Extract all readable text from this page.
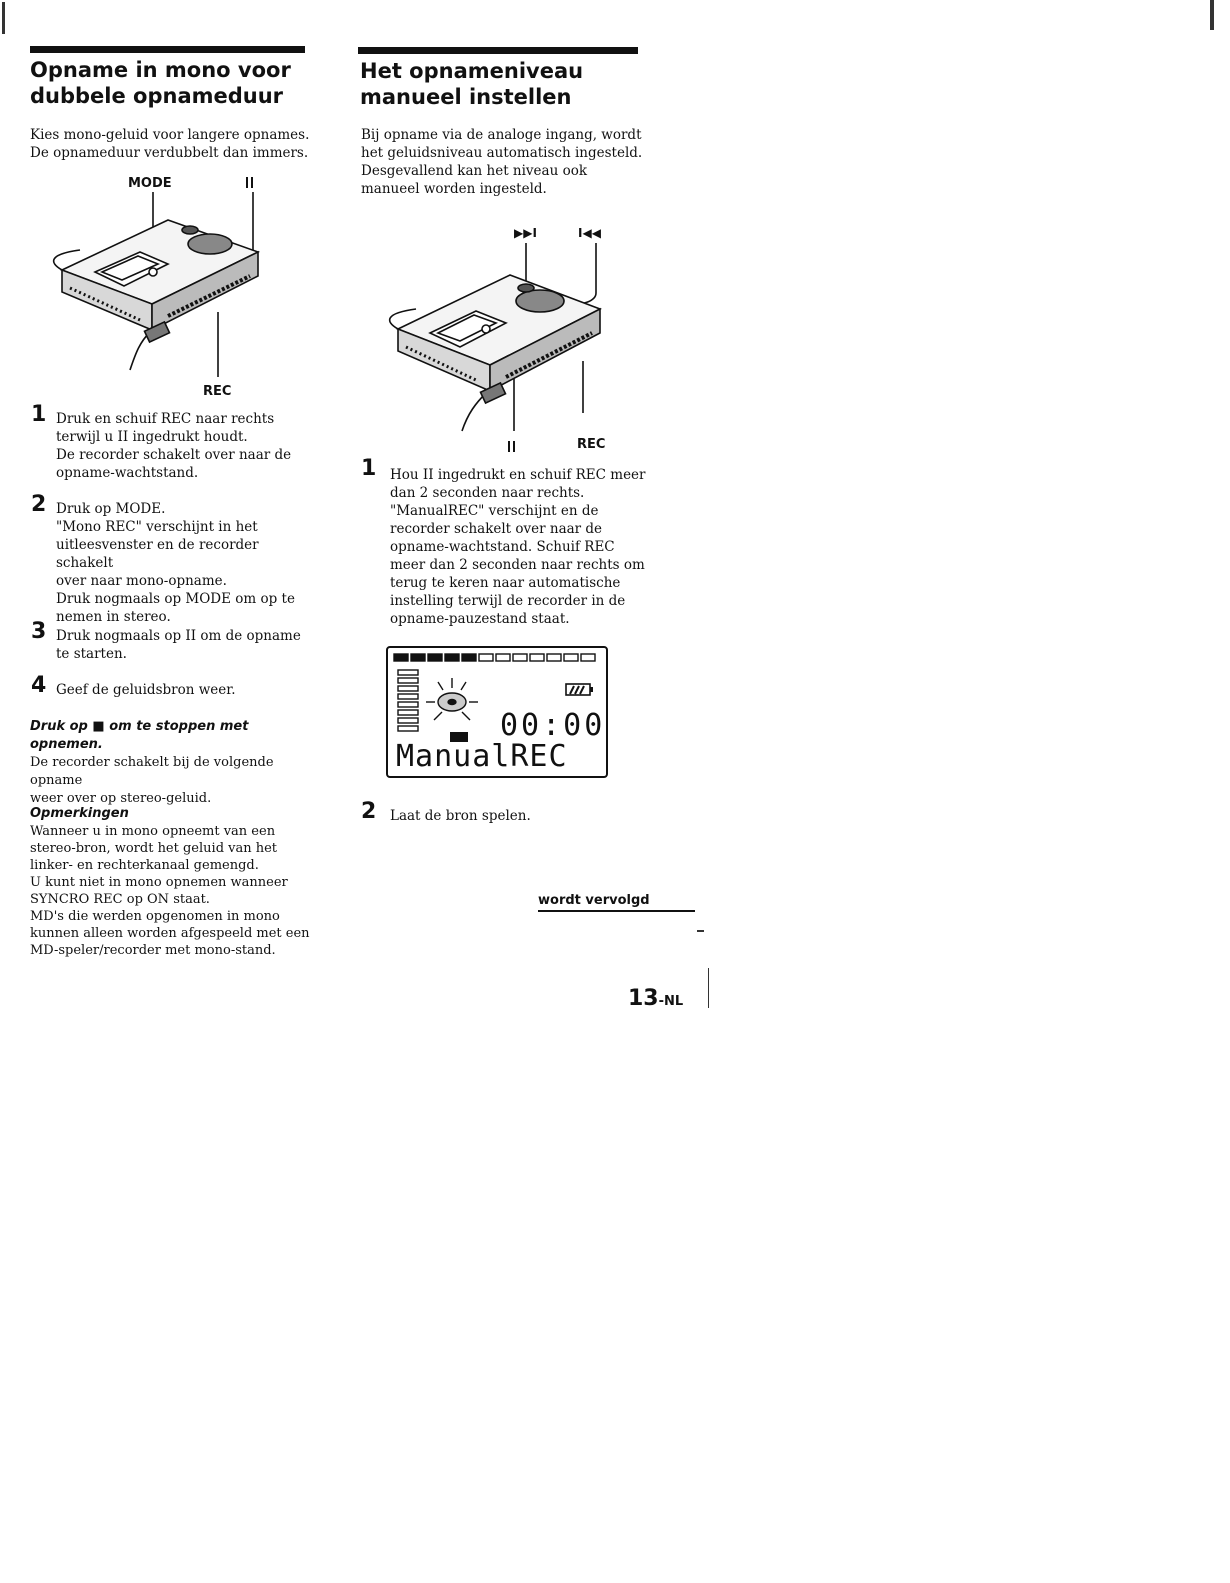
Opname in mono voor
dubbele opnameduur
Kies mono-geluid voor langere opnames.
De opnameduur verdubbelt dan immers.
MODE
REC
1 Druk en schuif REC naar rechts
terwijl u II ingedrukt houdt.
De recorder schakelt over naar de
opname-wachtstand.
2 Druk op MODE.
"Mono REC" verschijnt in het
uitleesvenster en de recorder schakelt
over naar mono-opname.
Druk nogmaals op MODE om op te
nemen in stereo.
3 Druk nogmaals op II om de opname
te starten.
4 Geef de geluidsbron weer.
Druk op ■ om te stoppen met
opnemen.
De recorder schakelt bij de volgende opname
weer over op stereo-geluid.
Opmerkingen
Wanneer u in mono opneemt van een
stereo-bron, wordt het geluid van het
linker- en rechterkanaal gemengd.
U kunt niet in mono opnemen wanneer
SYNCRO REC op ON staat.
MD's die werden opgenomen in mono
kunnen alleen worden afgespeeld met een
MD-speler/recorder met mono-stand.
Het opnameniveau
manueel instellen
Bij opname via de analoge ingang, wordt
het geluidsniveau automatisch ingesteld.
Desgevallend kan het niveau ook
manueel worden ingesteld.
▶▶I	I◀◀
REC
1 Hou II ingedrukt en schuif REC meer
dan 2 seconden naar rechts.
"ManualREC" verschijnt en de
recorder schakelt over naar de
opname-wachtstand. Schuif REC
meer dan 2 seconden naar rechts om
terug te keren naar automatische
instelling terwijl de recorder in de
opname-pauzestand staat.
00:00
ManualREC
2 Laat de bron spelen.
wordt vervolgd
13-NL
